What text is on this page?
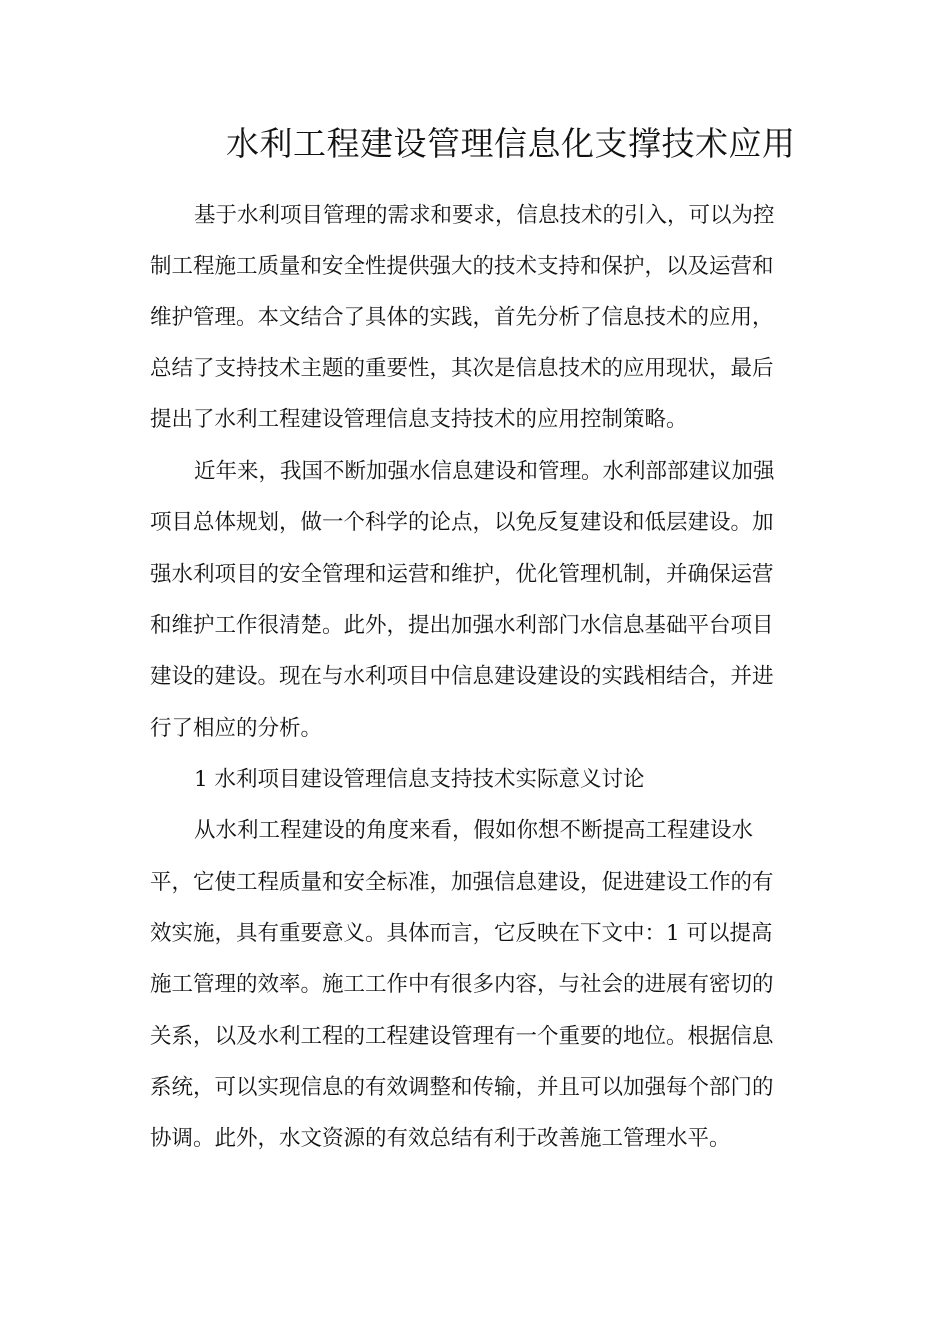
水利工程建设管理信息化支撑技术应用

基于水利项目管理的需求和要求，信息技术的引入，可以为控

制工程施工质量和安全性提供强大的技术支持和保护，以及运营和

维护管理。本文结合了具体的实践，首先分析了信息技术的应用，

总结了支持技术主题的重要性，其次是信息技术的应用现状，最后

提出了水利工程建设管理信息支持技术的应用控制策略。

近年来，我国不断加强水信息建设和管理。水利部部建议加强

项目总体规划，做一个科学的论点，以免反复建设和低层建设。加

强水利项目的安全管理和运营和维护，优化管理机制，并确保运营

和维护工作很清楚。此外，提出加强水利部门水信息基础平台项目

建设的建设。现在与水利项目中信息建设建设的实践相结合，并进

行了相应的分析。

1 水利项目建设管理信息支持技术实际意义讨论

从水利工程建设的角度来看，假如你想不断提高工程建设水

平，它使工程质量和安全标准，加强信息建设，促进建设工作的有

效实施，具有重要意义。具体而言，它反映在下文中：1 可以提高

施工管理的效率。施工工作中有很多内容，与社会的进展有密切的

关系，以及水利工程的工程建设管理有一个重要的地位。根据信息

系统，可以实现信息的有效调整和传输，并且可以加强每个部门的

协调。此外，水文资源的有效总结有利于改善施工管理水平。
